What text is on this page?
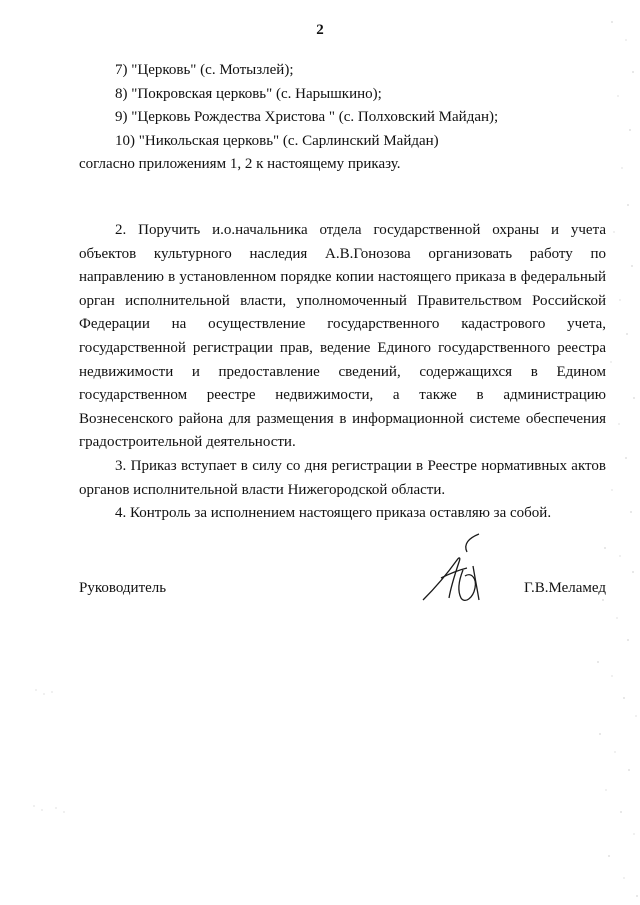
2
7) "Церковь" (с. Мотызлей);
8) "Покровская церковь" (с. Нарышкино);
9) "Церковь Рождества Христова " (с. Полховский Майдан);
10) "Никольская церковь" (с. Сарлинский Майдан)
согласно приложениям 1, 2 к настоящему приказу.

2. Поручить и.о.начальника отдела государственной охраны и учета объектов культурного наследия А.В.Гонозова организовать работу по направлению в установленном порядке копии настоящего приказа в федеральный орган исполнительной власти, уполномоченный Правительством Российской Федерации на осуществление государственного кадастрового учета, государственной регистрации прав, ведение Единого государственного реестра недвижимости и предоставление сведений, содержащихся в Едином государственном реестре недвижимости, а также в администрацию Вознесенского района для размещения в информационной системе обеспечения градостроительной деятельности.

3. Приказ вступает в силу со дня регистрации в Реестре нормативных актов органов исполнительной власти Нижегородской области.

4. Контроль за исполнением настоящего приказа оставляю за собой.

Руководитель	Г.В.Меламед
